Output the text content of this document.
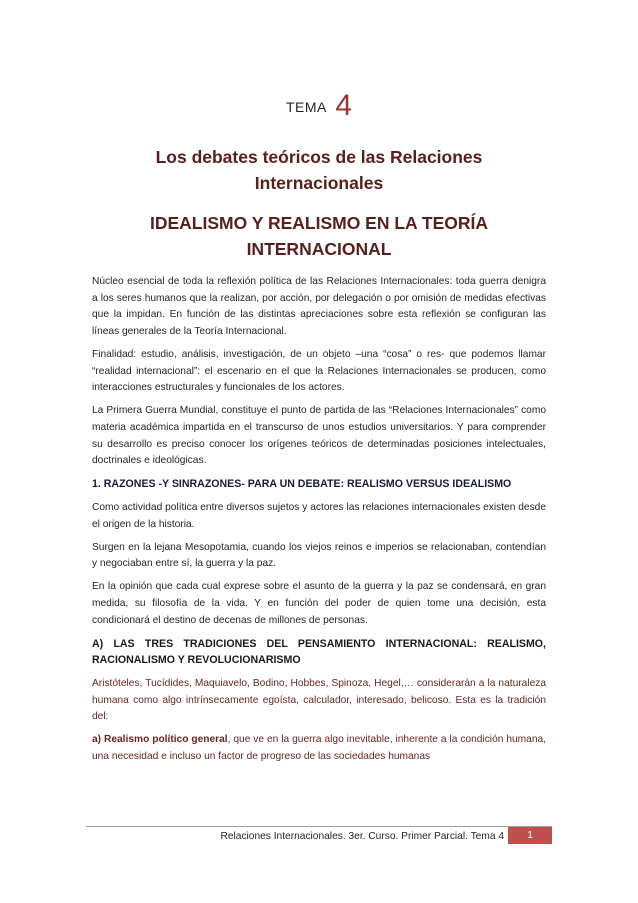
TEMA 4
Los debates teóricos de las Relaciones Internacionales
IDEALISMO Y REALISMO EN LA TEORÍA INTERNACIONAL

Núcleo esencial de toda la reflexión política de las Relaciones Internacionales: toda guerra denigra a los seres humanos que la realizan, por acción, por delegación o por omisión de medidas efectivas que la impidan. En función de las distintas apreciaciones sobre esta reflexión se configuran las líneas generales de la Teoría Internacional.

Finalidad: estudio, análisis, investigación, de un objeto –una “cosa” o res- que podemos llamar “realidad internacional”: el escenario en el que la Relaciones Internacionales se producen, como interacciones estructurales y funcionales de los actores.

La Primera Guerra Mundial, constituye el punto de partida de las “Relaciones Internacionales” como materia académica impartida en el transcurso de unos estudios universitarios. Y para comprender su desarrollo es preciso conocer los orígenes teóricos de determinadas posiciones intelectuales, doctrinales e ideológicas.

1. RAZONES -Y SINRAZONES- PARA UN DEBATE: REALISMO VERSUS IDEALISMO

Como actividad política entre diversos sujetos y actores las relaciones internacionales existen desde el origen de la historia.

Surgen en la lejana Mesopotamia, cuando los viejos reinos e imperios se relacionaban, contendían y negociaban entre sí, la guerra y la paz.

En la opinión que cada cual exprese sobre el asunto de la guerra y la paz se condensará, en gran medida, su filosofía de la vida. Y en función del poder de quien tome una decisión, esta condicionará el destino de decenas de millones de personas.

A) LAS TRES TRADICIONES DEL PENSAMIENTO INTERNACIONAL: REALISMO, RACIONALISMO Y REVOLUCIONARISMO

Aristóteles, Tucídides, Maquiavelo, Bodino, Hobbes, Spinoza, Hegel,… considerarán a la naturaleza humana como algo intrínsecamente egoísta, calculador, interesado, belicoso. Esta es la tradición del:

a) Realismo político general, que ve en la guerra algo inevitable, inherente a la condición humana, una necesidad e incluso un factor de progreso de las sociedades humanas

Relaciones Internacionales. 3er. Curso. Primer Parcial. Tema 4	1
